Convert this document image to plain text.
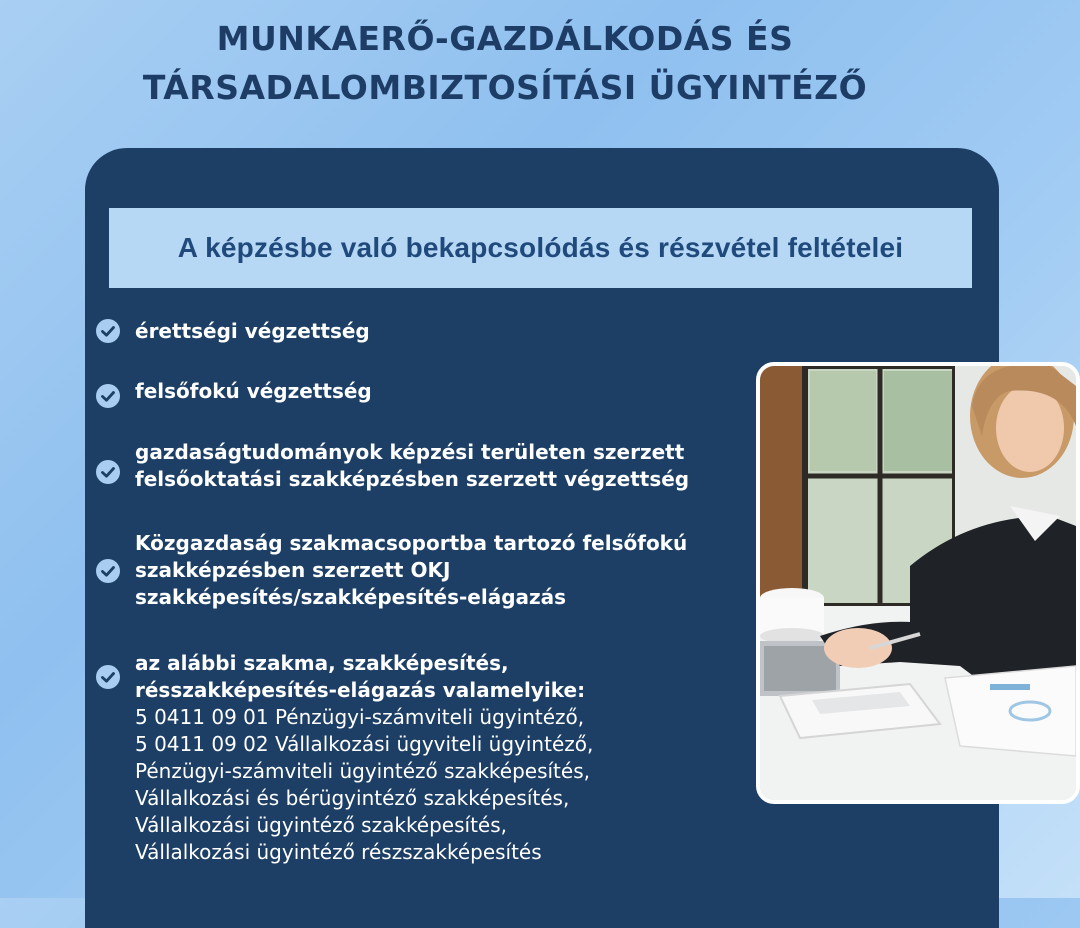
MUNKAERŐ-GAZDÁLKODÁS ÉS
TÁRSADALOMBIZTOSÍTÁSI ÜGYINTÉZŐ
A képzésbe való bekapcsolódás és részvétel feltételei
érettségi végzettség
felsőfokú végzettség
gazdaságtudományok képzési területen szerzett
felsőoktatási szakképzésben szerzett végzettség
Közgazdaság szakmacsoportba tartozó felsőfokú
szakképzésben szerzett OKJ
szakképesítés/szakképesítés-elágazás
az alábbi szakma, szakképesítés,
résszakképesítés-elágazás valamelyike:
5 0411 09 01 Pénzügyi-számviteli ügyintéző,
5 0411 09 02 Vállalkozási ügyviteli ügyintéző,
Pénzügyi-számviteli ügyintéző szakképesítés,
Vállalkozási és bérügyintéző szakképesítés,
Vállalkozási ügyintéző szakképesítés,
Vállalkozási ügyintéző részszakképesítés
